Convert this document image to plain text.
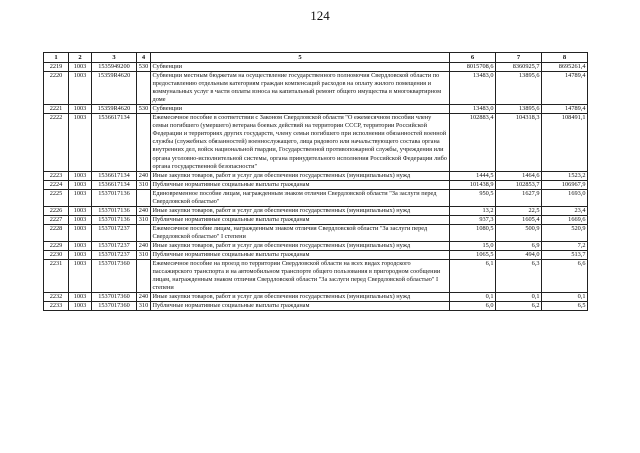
124
1	2	3	4	5	6	7	8
2219	1003	1535949200	530	Субвенции	8015708,6	8360925,7	8695261,4
2220	1003	15359R4620		Субвенции местным бюджетам на осуществление государственного полномочия Свердловской области по предоставлению отдельным категориям граждан компенсаций расходов на оплату жилого помещения и коммунальных услуг в части оплаты взноса на капитальный ремонт общего имущества в многоквартирном доме	13483,0	13895,6	14789,4
2221	1003	15359R4620	530	Субвенции	13483,0	13895,6	14789,4
2222	1003	1536617134		Ежемесячное пособие в соответствии с Законом Свердловской области "О ежемесячном пособии члену семьи погибшего (умершего) ветерана боевых действий на территории СССР, территории Российской Федерации и территориях других государств, члену семьи погибшего при исполнении обязанностей военной службы (служебных обязанностей) военнослужащего, лица рядового или начальствующего состава органа внутренних дел, войск национальной гвардии, Государственной противопожарной службы, учреждения или органа уголовно-исполнительной системы, органа принудительного исполнения Российской Федерации либо органа государственной безопасности"	102883,4	104318,3	108491,1
2223	1003	1536617134	240	Иные закупки товаров, работ и услуг для обеспечения государственных (муниципальных) нужд	1444,5	1464,6	1523,2
2224	1003	1536617134	310	Публичные нормативные социальные выплаты гражданам	101438,9	102853,7	106967,9
2225	1003	1537017136		Единовременное пособие лицам, награжденным знаком отличия Свердловской области "За заслуги перед Свердловской областью"	950,5	1627,9	1693,0
2226	1003	1537017136	240	Иные закупки товаров, работ и услуг для обеспечения государственных (муниципальных) нужд	13,2	22,5	23,4
2227	1003	1537017136	310	Публичные нормативные социальные выплаты гражданам	937,3	1605,4	1669,6
2228	1003	1537017237		Ежемесячное пособие лицам, награжденным знаком отличия Свердловской области "За заслуги перед Свердловской областью" I степени	1080,5	500,9	520,9
2229	1003	1537017237	240	Иные закупки товаров, работ и услуг для обеспечения государственных (муниципальных) нужд	15,0	6,9	7,2
2230	1003	1537017237	310	Публичные нормативные социальные выплаты гражданам	1065,5	494,0	513,7
2231	1003	1537017360		Ежемесячное пособие на проезд по территории Свердловской области на всех видах городского пассажирского транспорта и на автомобильном транспорте общего пользования в пригородном сообщении лицам, награжденным знаком отличия Свердловской области "За заслуги перед Свердловской областью" I степени	6,1	6,3	6,6
2232	1003	1537017360	240	Иные закупки товаров, работ и услуг для обеспечения государственных (муниципальных) нужд	0,1	0,1	0,1
2233	1003	1537017360	310	Публичные нормативные социальные выплаты гражданам	6,0	6,2	6,5
